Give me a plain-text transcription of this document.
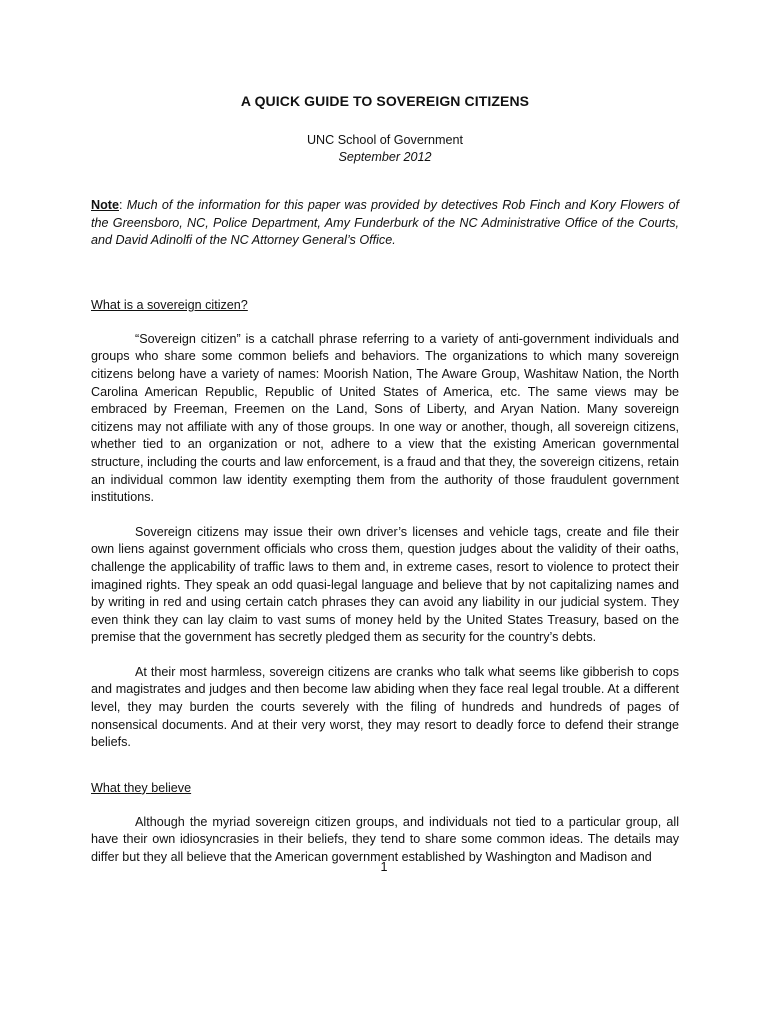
A QUICK GUIDE TO SOVEREIGN CITIZENS

UNC School of Government

September 2012

Note: Much of the information for this paper was provided by detectives Rob Finch and Kory Flowers of the Greensboro, NC, Police Department, Amy Funderburk of the NC Administrative Office of the Courts, and David Adinolfi of the NC Attorney General’s Office.

What is a sovereign citizen?

“Sovereign citizen” is a catchall phrase referring to a variety of anti-government individuals and groups who share some common beliefs and behaviors. The organizations to which many sovereign citizens belong have a variety of names: Moorish Nation, The Aware Group, Washitaw Nation, the North Carolina American Republic, Republic of United States of America, etc. The same views may be embraced by Freeman, Freemen on the Land, Sons of Liberty, and Aryan Nation. Many sovereign citizens may not affiliate with any of those groups. In one way or another, though, all sovereign citizens, whether tied to an organization or not, adhere to a view that the existing American governmental structure, including the courts and law enforcement, is a fraud and that they, the sovereign citizens, retain an individual common law identity exempting them from the authority of those fraudulent government institutions.

Sovereign citizens may issue their own driver’s licenses and vehicle tags, create and file their own liens against government officials who cross them, question judges about the validity of their oaths, challenge the applicability of traffic laws to them and, in extreme cases, resort to violence to protect their imagined rights. They speak an odd quasi-legal language and believe that by not capitalizing names and by writing in red and using certain catch phrases they can avoid any liability in our judicial system. They even think they can lay claim to vast sums of money held by the United States Treasury, based on the premise that the government has secretly pledged them as security for the country’s debts.

At their most harmless, sovereign citizens are cranks who talk what seems like gibberish to cops and magistrates and judges and then become law abiding when they face real legal trouble. At a different level, they may burden the courts severely with the filing of hundreds and hundreds of pages of nonsensical documents. And at their very worst, they may resort to deadly force to defend their strange beliefs.

What they believe

Although the myriad sovereign citizen groups, and individuals not tied to a particular group, all have their own idiosyncrasies in their beliefs, they tend to share some common ideas. The details may differ but they all believe that the American government established by Washington and Madison and

1
